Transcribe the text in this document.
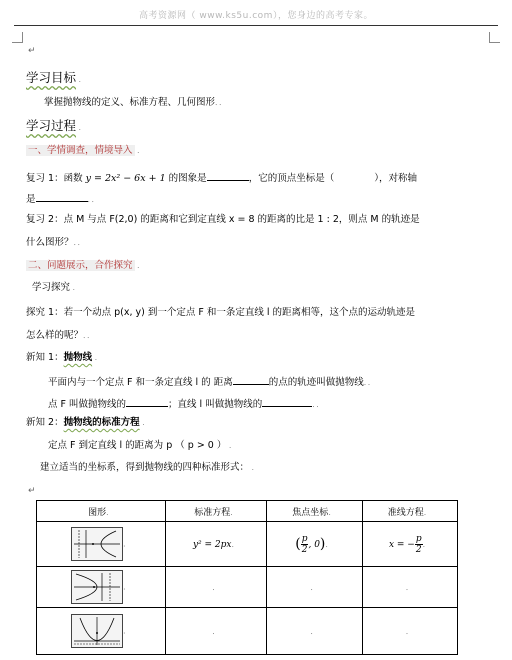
高考资源网（ www.ks5u.com），您身边的高考专家。
↵
学习目标 .
掌握抛物线的定义、标准方程、几何图形．．
学习过程 .
一、学情调查，情境导入 .
复习 1：函数 y = 2x² − 6x + 1 的图象是	，它的顶点坐标是（	），对称轴
是	．．
复习 2：点 M 与点 F(2,0) 的距离和它到定直线 x = 8 的距离的比是 1 : 2，则点 M 的轨迹是
什么图形？．．
二、问题展示，合作探究 .
学习探究 .
探究 1：若一个动点 p(x, y) 到一个定点 F 和一条定直线 l 的距离相等，这个点的运动轨迹是
怎么样的呢？．．
新知 1：抛物线 .
平面内与一个定点 F 和一条定直线 l 的 距离	的点的轨迹叫做抛物线．．
点 F 叫做抛物线的	；直线 l 叫做抛物线的	．．
新知 2：抛物线的标准方程 .
定点 F 到定直线 l 的距离为 p （ p > 0 ） .
建立适当的坐标系，得到抛物线的四种标准形式： .
↵
图形．	标准方程．	焦点坐标．	准线方程．
．	y² = 2px．	( $\frac{p}{2}$ , 0)．	x = − $\frac{p}{2}$ ．
．	．	．	．
．	．	．	．
